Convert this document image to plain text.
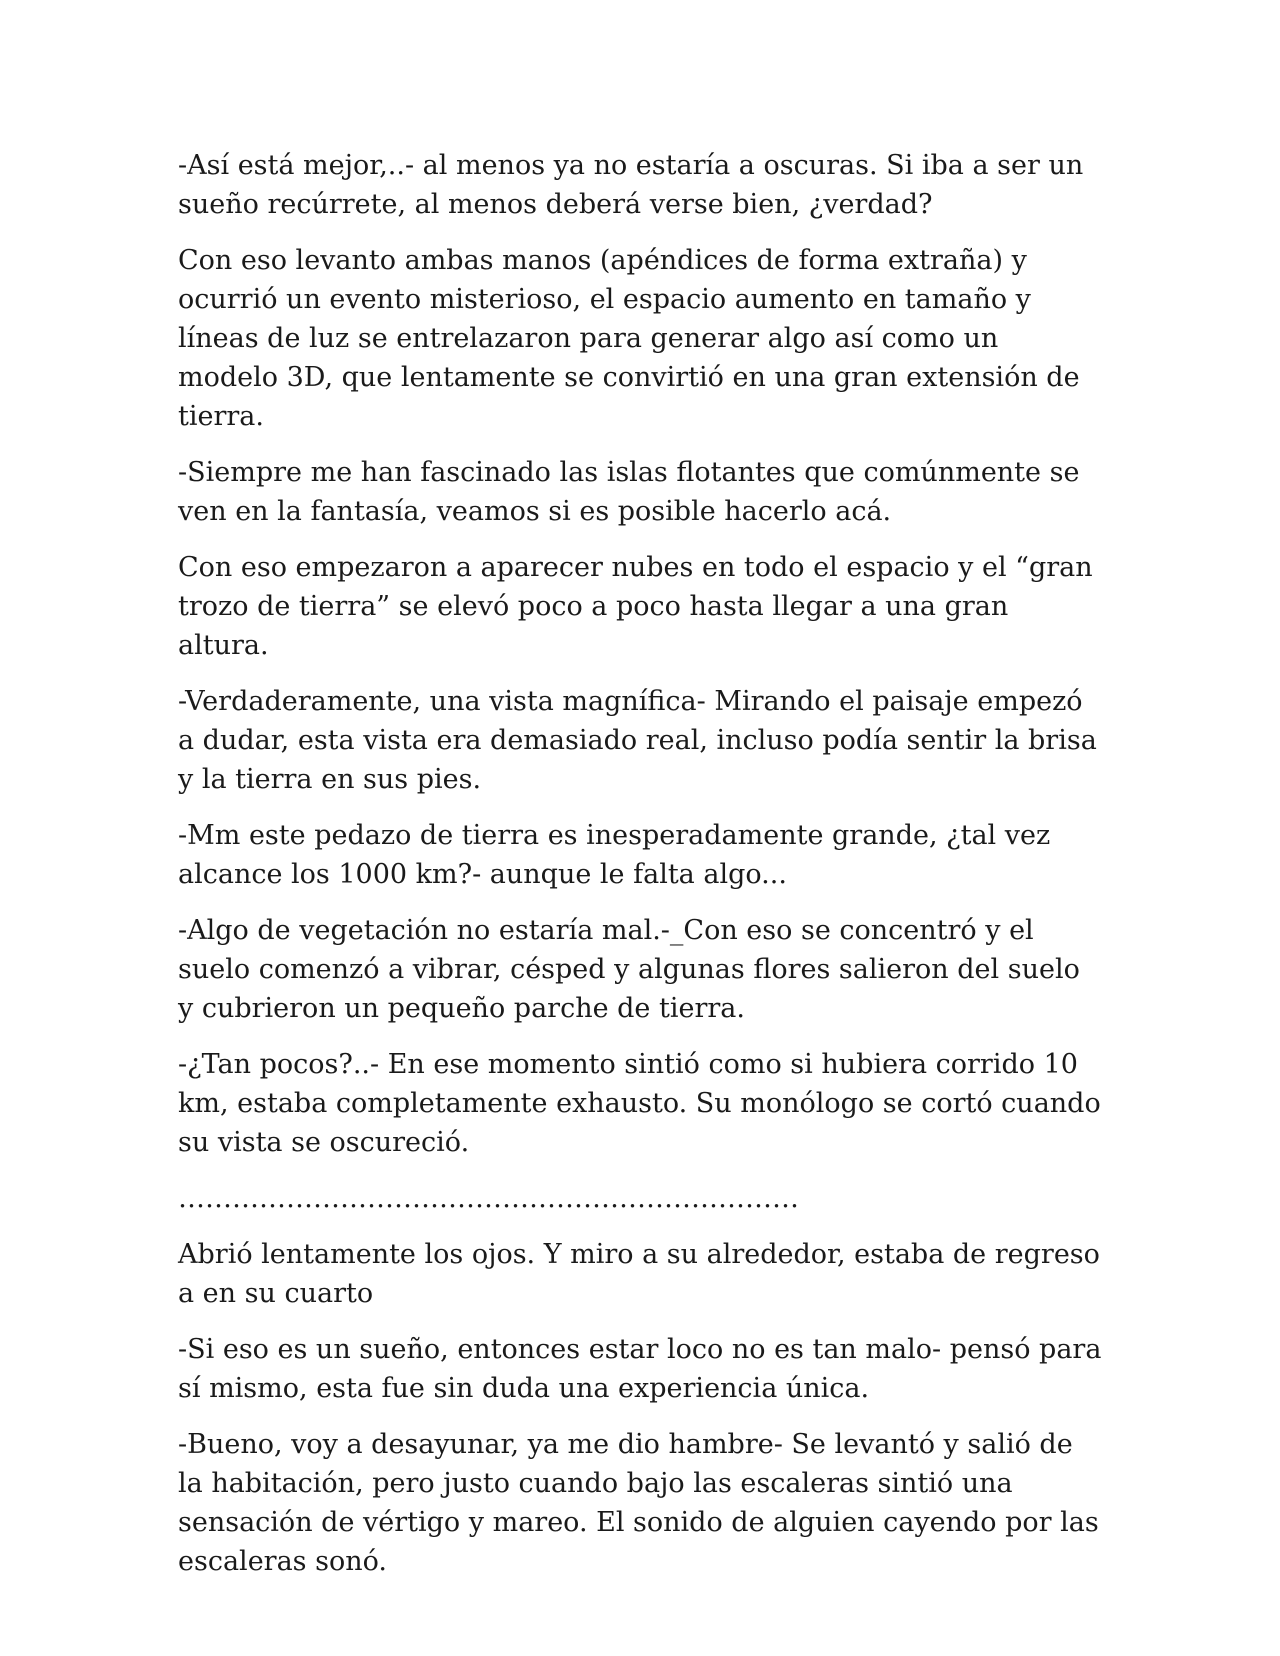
-Así está mejor,..- al menos ya no estaría a oscuras. Si iba a ser un sueño recúrrete, al menos deberá verse bien, ¿verdad?

Con eso levanto ambas manos (apéndices de forma extraña) y ocurrió un evento misterioso, el espacio aumento en tamaño y líneas de luz se entrelazaron para generar algo así como un modelo 3D, que lentamente se convirtió en una gran extensión de tierra.

-Siempre me han fascinado las islas flotantes que comúnmente se ven en la fantasía, veamos si es posible hacerlo acá.

Con eso empezaron a aparecer nubes en todo el espacio y el “gran trozo de tierra” se elevó poco a poco hasta llegar a una gran altura.

-Verdaderamente, una vista magnífica- Mirando el paisaje empezó a dudar, esta vista era demasiado real, incluso podía sentir la brisa y la tierra en sus pies.

-Mm este pedazo de tierra es inesperadamente grande, ¿tal vez alcance los 1000 km?- aunque le falta algo...

-Algo de vegetación no estaría mal.-_Con eso se concentró y el suelo comenzó a vibrar, césped y algunas flores salieron del suelo y cubrieron un pequeño parche de tierra.

-¿Tan pocos?..- En ese momento sintió como si hubiera corrido 10 km, estaba completamente exhausto. Su monólogo se cortó cuando su vista se oscureció.

……………………………………………………………

Abrió lentamente los ojos. Y miro a su alrededor, estaba de regreso a en su cuarto

-Si eso es un sueño, entonces estar loco no es tan malo- pensó para sí mismo, esta fue sin duda una experiencia única.

-Bueno, voy a desayunar, ya me dio hambre- Se levantó y salió de la habitación, pero justo cuando bajo las escaleras sintió una sensación de vértigo y mareo. El sonido de alguien cayendo por las escaleras sonó.
